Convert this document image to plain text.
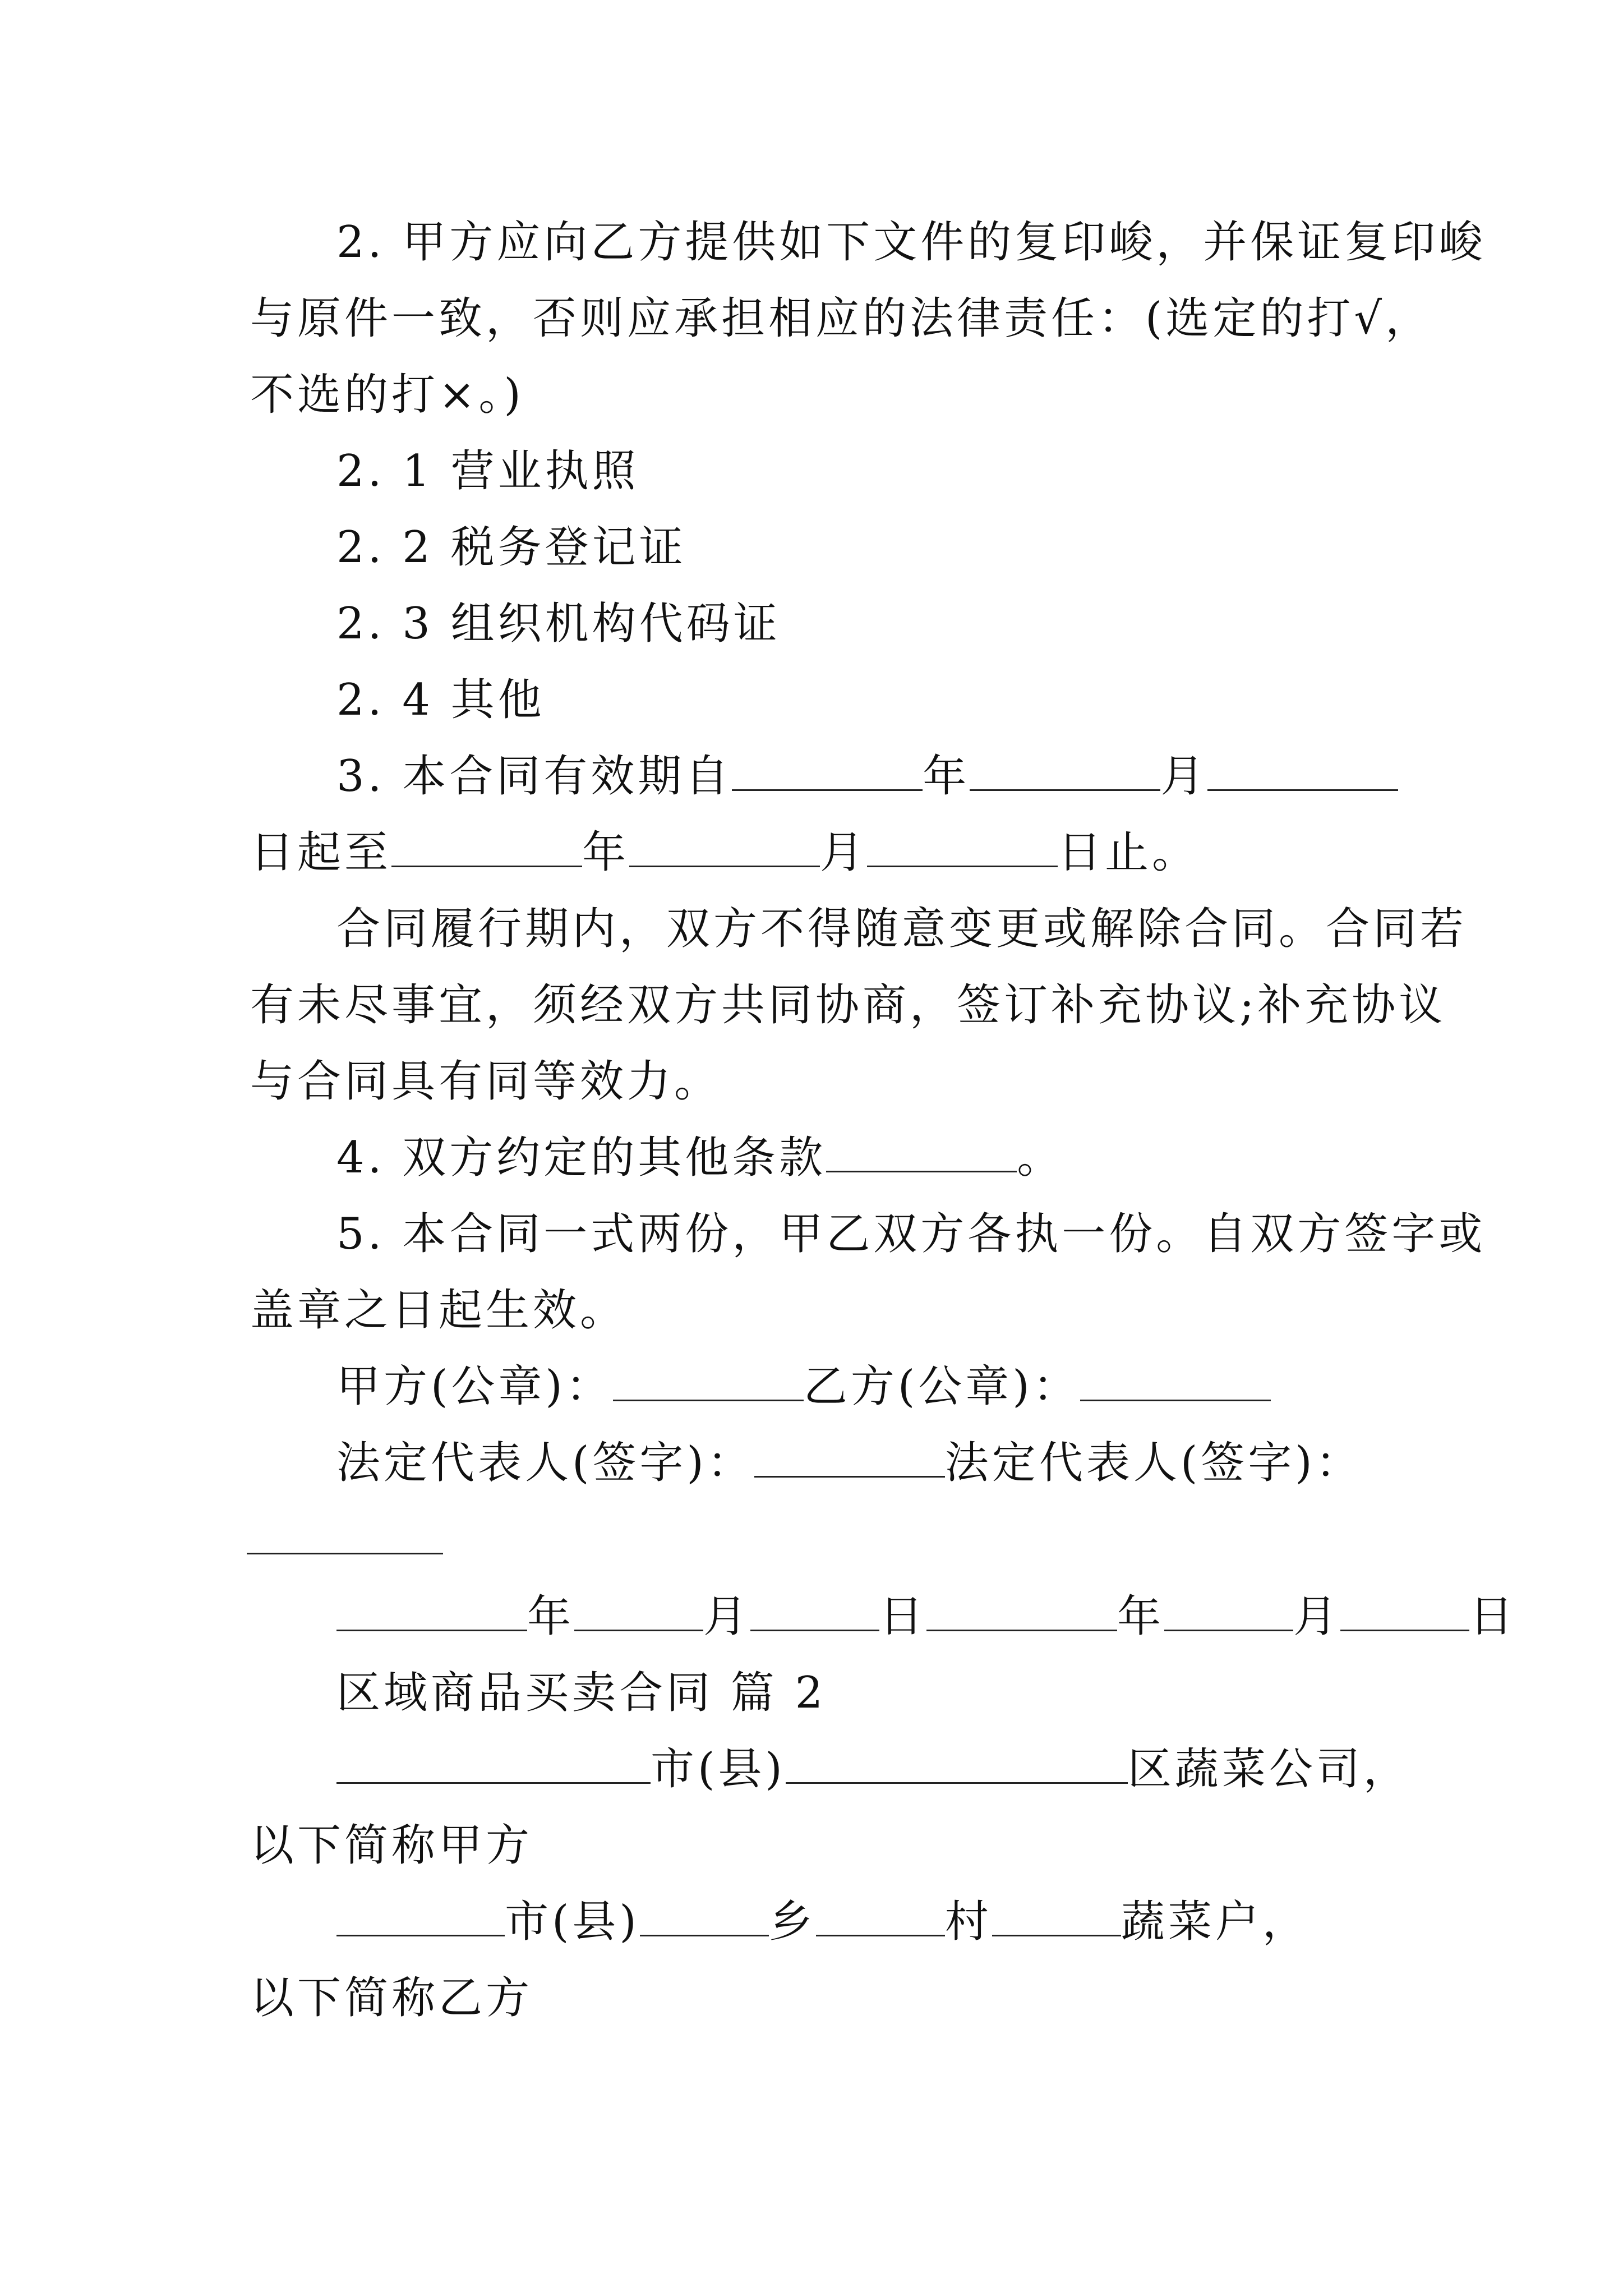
2. 甲方应向乙方提供如下文件的复印峻，并保证复印峻
与原件一致，否则应承担相应的法律责任：(选定的打√，
不选的打×。)
2. 1 营业执照
2. 2 税务登记证
2. 3 组织机构代码证
2. 4 其他
3. 本合同有效期自	年	月
日起至	年	月	日止。
合同履行期内，双方不得随意变更或解除合同。合同若
有未尽事宜，须经双方共同协商，签订补充协议;补充协议
与合同具有同等效力。
4. 双方约定的其他条款	。
5. 本合同一式两份，甲乙双方各执一份。自双方签字或
盖章之日起生效。
甲方(公章)：	乙方(公章)：
法定代表人(签字)：	法定代表人(签字)：
年	月	日	年	月	日
区域商品买卖合同 篇 2
市(县)	区蔬菜公司，
以下简称甲方
市(县)	乡	村	蔬菜户，
以下简称乙方
